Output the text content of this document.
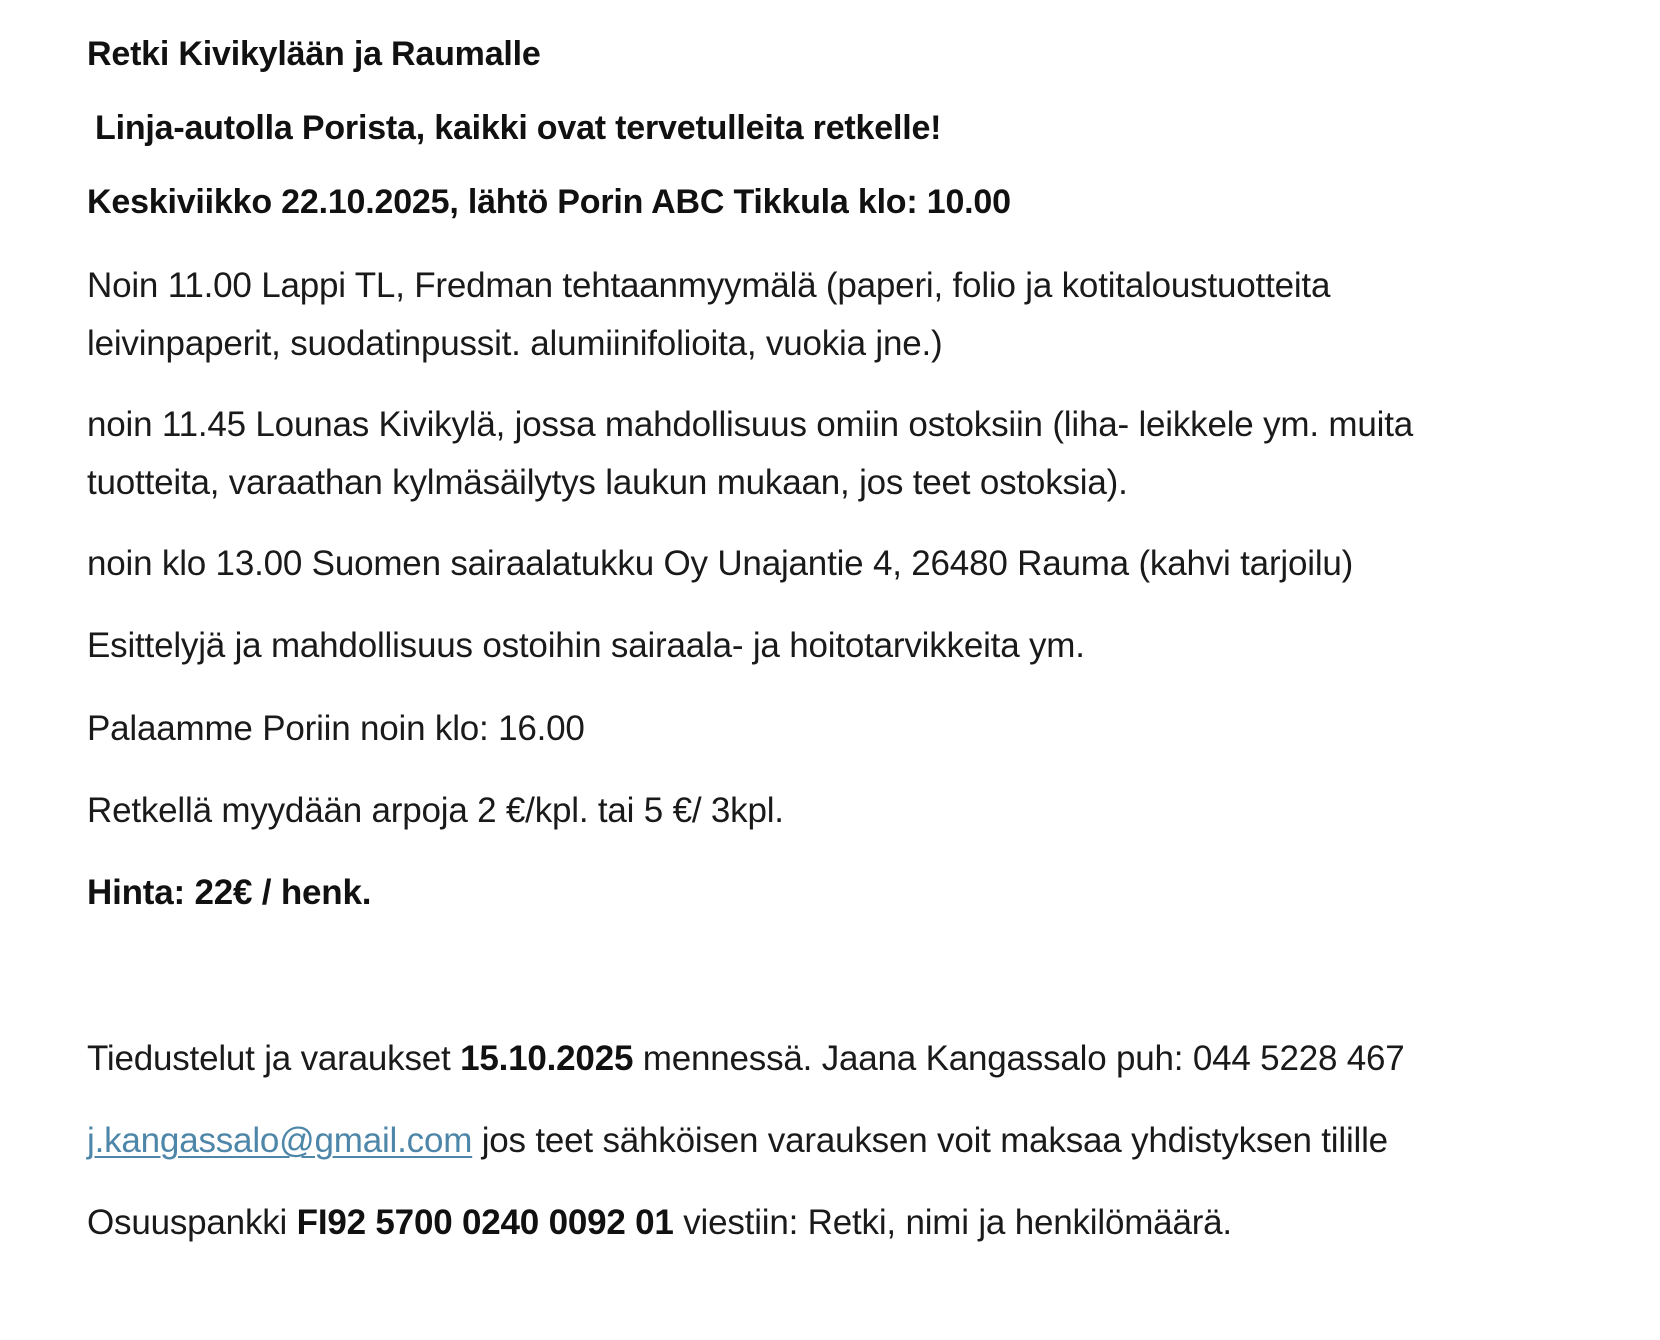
Retki Kivikylään ja Raumalle
Linja-autolla Porista, kaikki ovat tervetulleita retkelle!
Keskiviikko 22.10.2025, lähtö Porin ABC Tikkula klo: 10.00
Noin 11.00 Lappi TL, Fredman tehtaanmyymälä (paperi, folio ja kotitaloustuotteita
leivinpaperit, suodatinpussit. alumiinifolioita, vuokia jne.)
noin 11.45 Lounas Kivikylä, jossa mahdollisuus omiin ostoksiin (liha- leikkele ym. muita
tuotteita, varaathan kylmäsäilytys laukun mukaan, jos teet ostoksia).
noin klo 13.00 Suomen sairaalatukku Oy Unajantie 4, 26480 Rauma (kahvi tarjoilu)
Esittelyjä ja mahdollisuus ostoihin sairaala- ja hoitotarvikkeita ym.
Palaamme Poriin noin klo: 16.00
Retkellä myydään arpoja 2 €/kpl. tai 5 €/ 3kpl.
Hinta: 22€ / henk.
Tiedustelut ja varaukset 15.10.2025 mennessä. Jaana Kangassalo puh: 044 5228 467
j.kangassalo@gmail.com jos teet sähköisen varauksen voit maksaa yhdistyksen tilille
Osuuspankki FI92 5700 0240 0092 01 viestiin: Retki, nimi ja henkilömäärä.
